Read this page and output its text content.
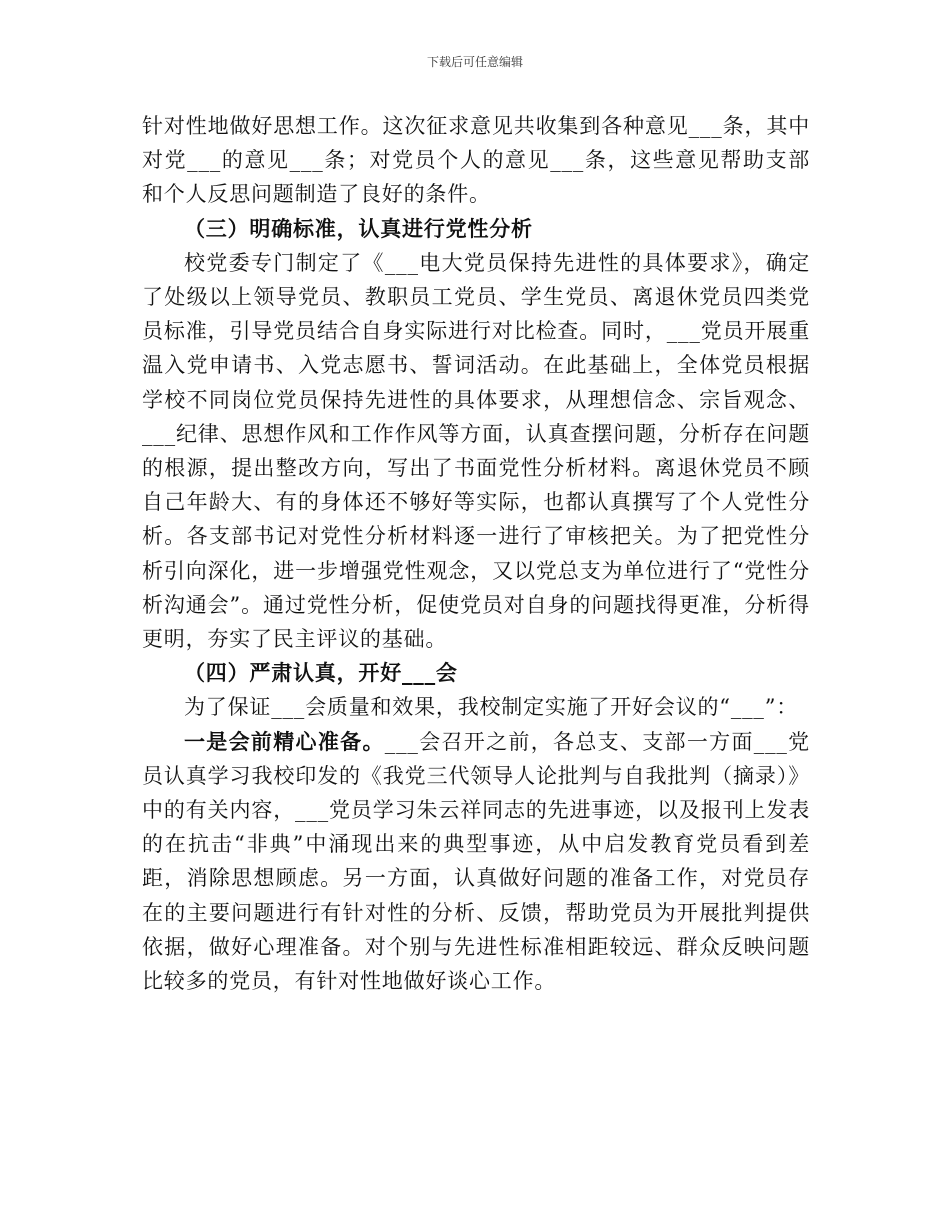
下载后可任意编辑

针对性地做好思想工作。这次征求意见共收集到各种意见___条，其中对党___的意见___条；对党员个人的意见___条，这些意见帮助支部和个人反思问题制造了良好的条件。

（三）明确标准，认真进行党性分析

校党委专门制定了《___电大党员保持先进性的具体要求》，确定了处级以上领导党员、教职员工党员、学生党员、离退休党员四类党员标准，引导党员结合自身实际进行对比检查。同时，___党员开展重温入党申请书、入党志愿书、誓词活动。在此基础上，全体党员根据学校不同岗位党员保持先进性的具体要求，从理想信念、宗旨观念、___纪律、思想作风和工作作风等方面，认真查摆问题，分析存在问题的根源，提出整改方向，写出了书面党性分析材料。离退休党员不顾自己年龄大、有的身体还不够好等实际，也都认真撰写了个人党性分析。各支部书记对党性分析材料逐一进行了审核把关。为了把党性分析引向深化，进一步增强党性观念，又以党总支为单位进行了“党性分析沟通会”。通过党性分析，促使党员对自身的问题找得更准，分析得更明，夯实了民主评议的基础。

（四）严肃认真，开好___会

为了保证___会质量和效果，我校制定实施了开好会议的“___”：

一是会前精心准备。___会召开之前，各总支、支部一方面___党员认真学习我校印发的《我党三代领导人论批判与自我批判（摘录）》中的有关内容，___党员学习朱云祥同志的先进事迹，以及报刊上发表的在抗击“非典”中涌现出来的典型事迹，从中启发教育党员看到差距，消除思想顾虑。另一方面，认真做好问题的准备工作，对党员存在的主要问题进行有针对性的分析、反馈，帮助党员为开展批判提供依据，做好心理准备。对个别与先进性标准相距较远、群众反映问题比较多的党员，有针对性地做好谈心工作。
